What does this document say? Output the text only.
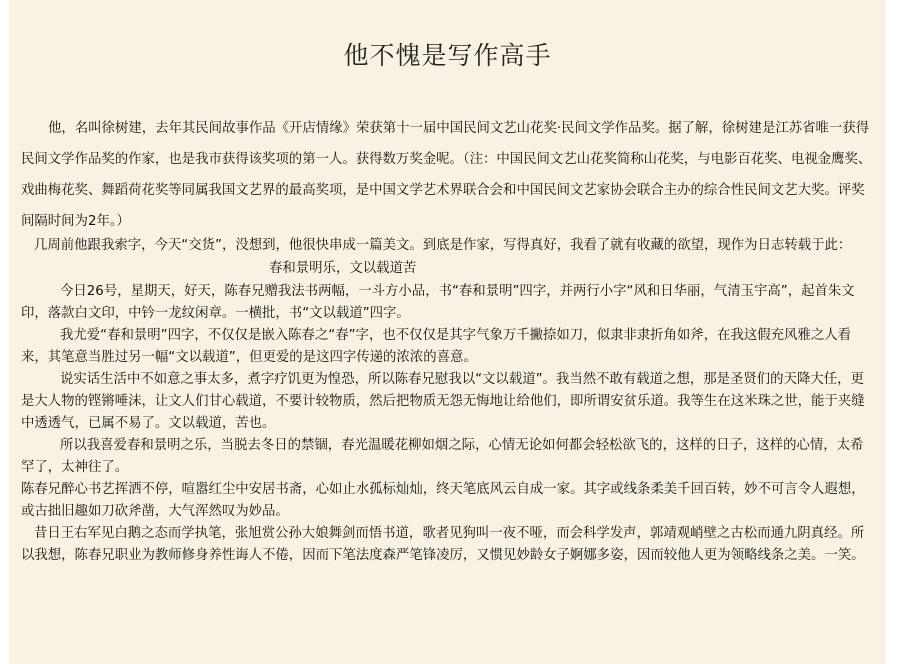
他不愧是写作高手

他，名叫徐树建，去年其民间故事作品《开店情缘》荣获第十一届中国民间文艺山花奖·民间文学作品奖。据了解，徐树建是江苏省唯一获得民间文学作品奖的作家，也是我市获得该奖项的第一人。获得数万奖金呢。（注：中国民间文艺山花奖简称山花奖，与电影百花奖、电视金鹰奖、戏曲梅花奖、舞蹈荷花奖等同属我国文艺界的最高奖项，是中国文学艺术界联合会和中国民间文艺家协会联合主办的综合性民间文艺大奖。评奖间隔时间为2年。）

几周前他跟我索字，今天“交货”，没想到，他很快串成一篇美文。到底是作家，写得真好，我看了就有收藏的欲望，现作为日志转载于此：

春和景明乐，文以载道苦

今日26号，星期天，好天，陈春兄赠我法书两幅，一斗方小品，书“春和景明”四字，并两行小字“风和日华丽，气清玉宇高”，起首朱文印，落款白文印，中钤一龙纹闲章。一横批，书“文以载道”四字。

我尤爱“春和景明”四字，不仅仅是嵌入陈春之“春”字，也不仅仅是其字气象万千撇捺如刀，似隶非隶折角如斧，在我这假充风雅之人看来，其笔意当胜过另一幅“文以载道”，但更爱的是这四字传递的浓浓的喜意。

说实话生活中不如意之事太多，煮字疗饥更为惶恐，所以陈春兄慰我以“文以载道”。我当然不敢有载道之想，那是圣贤们的天降大任，更是大人物的铿锵唾沫，让文人们甘心载道，不要计较物质，然后把物质无怨无悔地让给他们，即所谓安贫乐道。我等生在这米珠之世，能于夹缝中透透气，已属不易了。文以载道，苦也。

所以我喜爱春和景明之乐，当脱去冬日的禁锢，春光温暖花柳如烟之际，心情无论如何都会轻松欲飞的，这样的日子，这样的心情，太希罕了，太神往了。

陈春兄醉心书艺挥洒不停，喧嚣红尘中安居书斋，心如止水孤标灿灿，终天笔底风云自成一家。其字或线条柔美千回百转，妙不可言令人遐想，或古拙旧趣如刀砍斧凿，大气浑然叹为妙品。

昔日王右军见白鹅之态而学执笔，张旭赏公孙大娘舞剑而悟书道，歌者见狗叫一夜不哑，而会科学发声，郭靖观峭壁之古松而通九阴真经。所以我想，陈春兄职业为教师修身养性诲人不倦，因而下笔法度森严笔锋凌厉，又惯见妙龄女子婀娜多姿，因而较他人更为领略线条之美。一笑。
